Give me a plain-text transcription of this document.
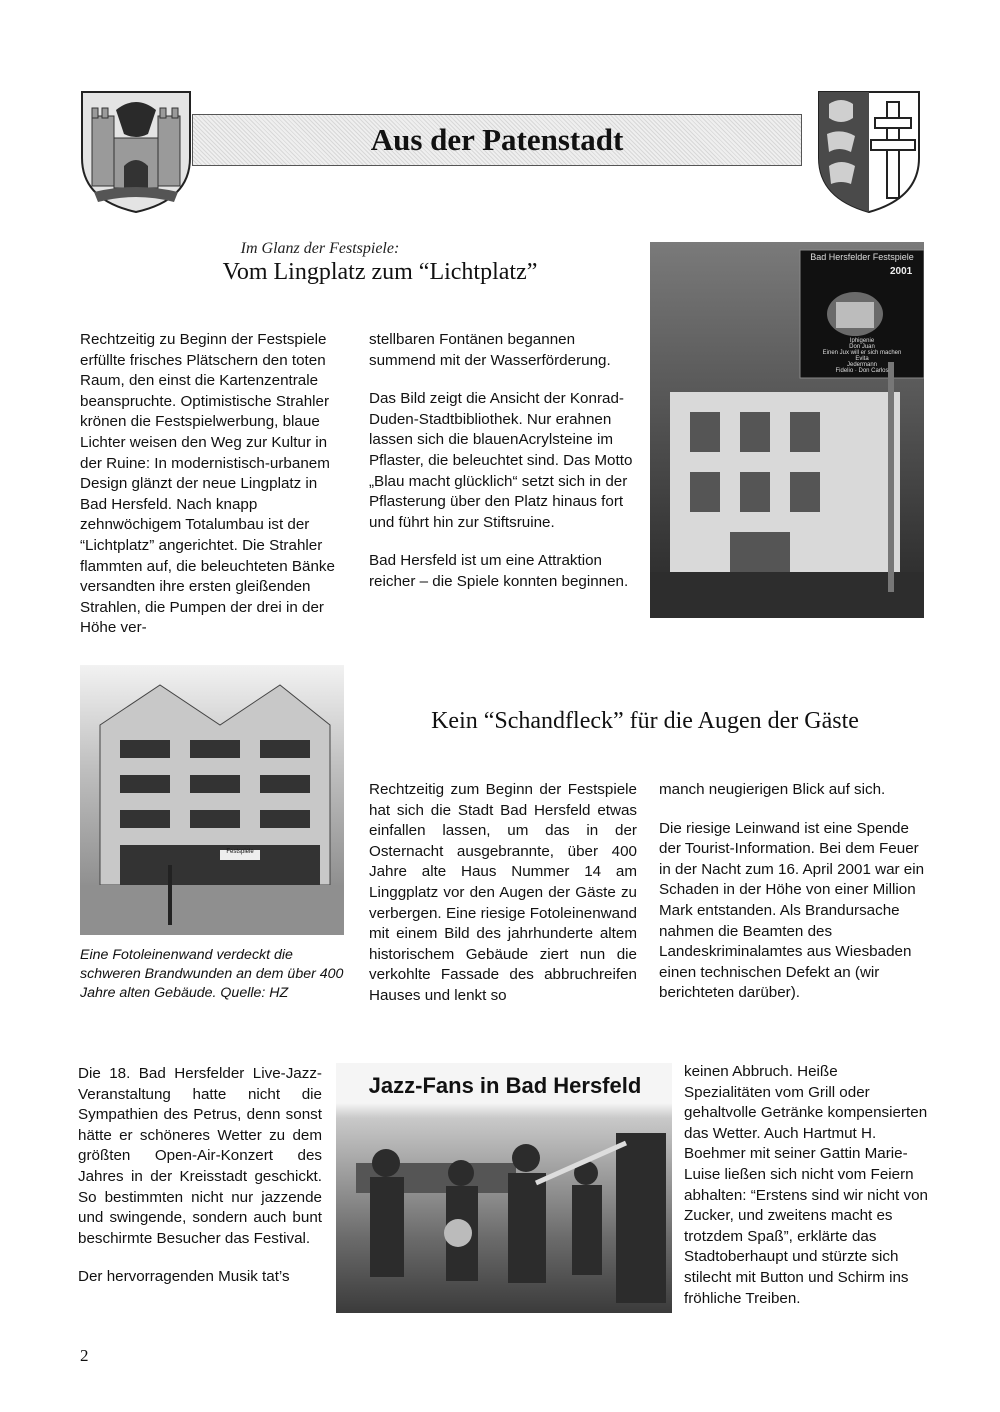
Aus der Patenstadt
Im Glanz der Festspiele:
Vom Lingplatz zum “Lichtplatz”

Rechtzeitig zu Beginn der Festspiele erfüllte frisches Plätschern den toten Raum, den einst die Kartenzentrale beanspruchte. Optimistische Strahler krönen die Festspielwerbung, blaue Lichter weisen den Weg zur Kultur in der Ruine: In modernistisch-urbanem Design glänzt der neue Lingplatz in Bad Hersfeld. Nach knapp zehnwöchigem Totalumbau ist der “Lichtplatz” angerichtet. Die Strahler flammten auf, die beleuchteten Bänke versandten ihre ersten gleißenden Strahlen, die Pumpen der drei in der Höhe ver-

stellbaren Fontänen begannen summend mit der Wasserförderung.

Das Bild zeigt die Ansicht der Konrad-Duden-Stadtbibliothek. Nur erahnen lassen sich die blauenAcrylsteine im Pflaster, die beleuchtet sind. Das Motto „Blau macht glücklich“ setzt sich in der Pflasterung über den Platz hinaus fort und führt hin zur Stiftsruine.

Bad Hersfeld ist um eine Attraktion reicher – die Spiele konnten beginnen.

Bad Hersfelder Festspiele
2001
Iphigenie
Don Juan
Einen Jux will er sich machen
Evita
Jedermann
Fidelio · Don Carlos
Festspiele
Eine Fotoleinenwand verdeckt die schweren Brandwunden an dem über 400 Jahre alten Gebäude. Quelle: HZ
Kein “Schandfleck” für die Augen der Gäste

Rechtzeitig zum Beginn der Festspiele hat sich die Stadt Bad Hersfeld etwas einfallen lassen, um das in der Osternacht ausgebrannte, über 400 Jahre alte Haus Nummer 14 am Linggplatz vor den Augen der Gäste zu verbergen. Eine riesige Fotoleinenwand mit einem Bild des jahrhunderte altem historischem Gebäude ziert nun die verkohlte Fassade des abbruchreifen Hauses und lenkt so

manch neugierigen Blick auf sich.

Die riesige Leinwand ist eine Spende der Tourist-Information. Bei dem Feuer in der Nacht zum 16. April 2001 war ein Schaden in der Höhe von einer Million Mark entstanden. Als Brandursache nahmen die Beamten des Landeskriminalamtes aus Wiesbaden einen technischen Defekt an (wir berichteten darüber).

Die 18. Bad Hersfelder Live-Jazz-Veranstaltung hatte nicht die Sympathien des Petrus, denn sonst hätte er schöneres Wetter zu dem größten Open-Air-Konzert des Jahres in der Kreisstadt geschickt. So bestimmten nicht nur jazzende und swingende, sondern auch bunt beschirmte Besucher das Festival.

Der hervorragenden Musik tat’s

Jazz-Fans in Bad Hersfeld

keinen Abbruch. Heiße Spezialitäten vom Grill oder gehaltvolle Getränke kompensierten das Wetter. Auch Hartmut H. Boehmer mit seiner Gattin Marie-Luise ließen sich nicht vom Feiern abhalten: “Erstens sind wir nicht von Zucker, und zweitens macht es trotzdem Spaß”, erklärte das Stadtoberhaupt und stürzte sich stilecht mit Button und Schirm ins fröhliche Treiben.

2
